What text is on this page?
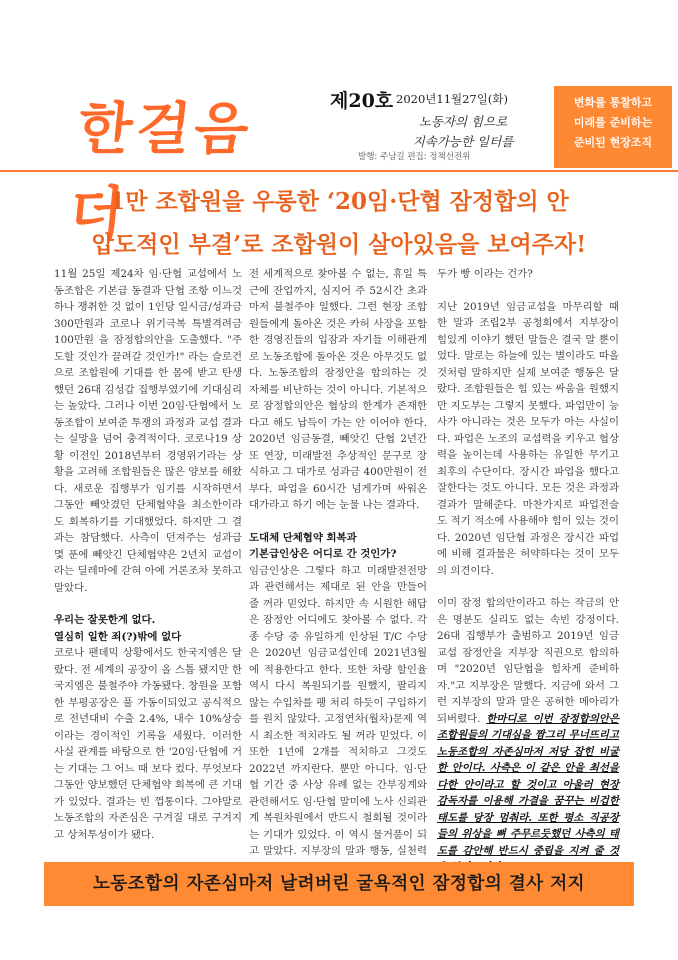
한걸음 더
제20호 2020년11월27일(화)
노동자의 힘으로
지속가능한 일터를
발행: 주남길 편집: 정책선전위
변화를 통찰하고
미래를 준비하는
준비된 현장조직
1만 조합원을 우롱한 ‘20임·단협 잠정합의 안
압도적인 부결’로 조합원이 살아있음을 보여주자!

11월 25일 제24차 임·단협 교섭에서 노동조합은 기본급 동결과 단협 조항 이느것하나 쟁취한 것 없이 1인당 일시금/성과금 300만원과 코로나 위기극복 특별격려금 100만원 을 잠정합의안을 도출했다. "주도할 것인가 끌려갈 것인가!" 라는 슬로건으로 조합원에 기대를 한 몸에 받고 탄생했던 26대 김성갑 집행부였기에 기대심리는 높았다. 그러나 이번 20임·단협에서 노동조합이 보여준 투쟁의 과정과 교섭 결과는 실망을 넘어 충격적이다. 코로나19 상황 이전인 2018년부터 경영위기라는 상황을 고려해 조합원들은 많은 양보를 해왔다. 새로운 집행부가 임기를 시작하면서 그동안 빼앗겼던 단체협약을 최소한이라도 회복하기를 기대했었다. 하지만 그 결과는 참담했다. 사측이 던져주는 성과급 몇 푼에 빼앗긴 단체협약은 2년치 교섭이라는 딜레마에 갇혀 아예 거론조차 못하고 말았다.

우리는 잘못한게 없다.

열심히 일한 죄(?)밖에 없다

코로나 팬데믹 상황에서도 한국지엠은 달랐다. 전 세계의 공장이 올 스톱 됐지만 한국지엠은 불철주야 가동됐다. 창원을 포함한 부평공장은 풀 가동이되었고 공식적으로 전년대비 수출 2.4%, 내수 10%상승이라는 경이적인 기록을 세웠다. 이러한 사실 관계를 바탕으로 한 '20임·단협에 거는 기대는 그 어느 때 보다 컸다. 무엇보다 그동안 양보했던 단체협약 회복에 큰 기대가 있었다. 결과는 빈 껍통이다. 그야말로 노동조합의 자존심은 구겨질 대로 구겨지고 상처투성이가 됐다.

전 세계적으로 찾아볼 수 없는, 휴일 특근에 잔업까지, 심지어 주 52시간 초과 마저 불철주야 일했다. 그런 현장 조합원들에게 돌아온 것은 카허 사장을 포함한 경영진들의 입잠과 자기들 이해관계로 노동조합에 돌아온 것은 아무것도 없다. 노동조합의 잠정안을 합의하는 것 자체를 비난하는 것이 아니다. 기본적으로 잠정합의안은 협상의 한계가 존재한다고 해도 납득이 가는 안 이어야 한다. 2020년 임금동결, 빼앗긴 단협 2년간 또 연장, 미래발전 추상적인 문구로 장식하고 그 대가로 성과금 400만원이 전부다. 파업을 60시간 넘게가며 싸워온 대가라고 하기 에는 눈물 나는 결과다.

도대체 단체협약 회복과

기본급인상은 어디로 간 것인가?

임금인상은 그렇다 하고 미래발전전망과 관련해서는 제대로 된 안을 만들어 줄 꺼라 믿었다. 하지만 속 시원한 해답은 잠정안 어디에도 찾아볼 수 없다. 각종 수당 중 유일하게 인상된 T/C 수당은 2020년 임금교섭인데 2021년3월에 적용한다고 한다. 또한 차량 할인율 역시 다시 복원되기를 원했지, 팔리지 않는 수입차를 팽 처리 하듯이 구입하기를 원치 않았다. 고정연차(월차)문제 역시 최소한 적치라도 될 꺼라 믿었다. 이 또한 1년에 2개를 적치하고 그것도 2022년 까지란다. 뿐만 아니다. 임·단협 기간 중 사상 유례 없는 간부징계와 관련해서도 임·단협 말미에 노사 신뢰관계 복원차원에서 반드시 철회될 것이라는 기대가 있었다. 이 역시 물거품이 되고 말았다. 지부장의 말과 행동, 실천력

두가 빵 이라는 건가?

지난 2019년 임금교섭을 마무리할 때 한 말과 조립2부 공청회에서 지부장이 힘있게 이야기 했던 말들은 결국 말 뿐이었다. 말로는 하늘에 있는 별이라도 따올 것처럼 말하지만 실제 보여준 행동은 달랐다. 조합원들은 힘 있는 싸움을 원했지만 지도부는 그렇지 못했다. 파업만이 능사가 아니라는 것은 모두가 아는 사실이다. 파업은 노조의 교섭력을 키우고 협상력을 높이는데 사용하는 유일한 무기고 최후의 수단이다. 장시간 파업을 했다고 잘한다는 것도 아니다. 모든 것은 과정과 결과가 말해준다. 마찬가지로 파업전술도 적기 적소에 사용해야 힘이 있는 것이다. 2020년 임단협 과정은 장시간 파업에 비해 결과물은 허약하다는 것이 모두의 의견이다.

이미 잠정 합의안이라고 하는 작금의 안은 명분도 실리도 없는 속빈 강정이다. 26대 집행부가 출범하고 2019년 임금교섭 잠정안을 지부장 직권으로 합의하며 "2020년 임단협을 힘차게 준비하자."고 지부장은 말했다. 지금에 와서 그런 지부장의 말과 말은 공허한 메아리가 되버렸다. 한마디로 이번 잠정합의안은 조합원들의 기대심을 짬그리 무너뜨리고 노동조합의 자존심마저 저당 잡힌 비굴한 안이다. 사측은 이 같은 안을 최선을 다한 안이라고 할 것이고 아울러 현장 감독자를 이용해 가결을 꿈꾸는 비겁한 태도를 당장 멈춰라. 또한 평소 직공장 들의 위상을 뼈 주무르듯했던 사측의 태도를 감안해 반드시 중립을 지켜 줄 것

노동조합의 자존심마저 날려버린 굴욕적인 잠정합의 결사 저지
